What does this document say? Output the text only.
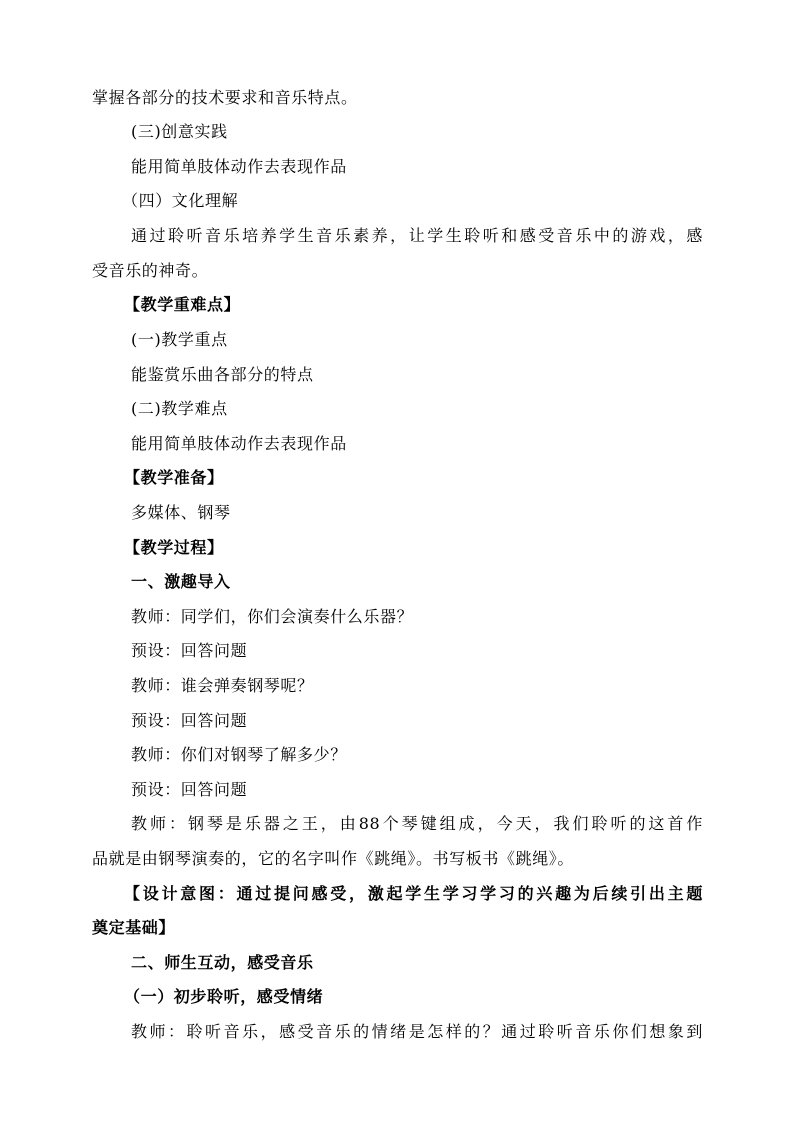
掌握各部分的技术要求和音乐特点。
(三)创意实践
能用简单肢体动作去表现作品
（四）文化理解
通过聆听音乐培养学生音乐素养，让学生聆听和感受音乐中的游戏，感
受音乐的神奇。
【教学重难点】
(一)教学重点
能鉴赏乐曲各部分的特点
(二)教学难点
能用简单肢体动作去表现作品
【教学准备】
多媒体、钢琴
【教学过程】
一、激趣导入
教师：同学们，你们会演奏什么乐器？
预设：回答问题
教师：谁会弹奏钢琴呢？
预设：回答问题
教师：你们对钢琴了解多少？
预设：回答问题
教师：钢琴是乐器之王，由88个琴键组成，今天，我们聆听的这首作
品就是由钢琴演奏的，它的名字叫作《跳绳》。书写板书《跳绳》。
【设计意图：通过提问感受，激起学生学习学习的兴趣为后续引出主题
奠定基础】
二、师生互动，感受音乐
（一）初步聆听，感受情绪
教师：聆听音乐，感受音乐的情绪是怎样的？通过聆听音乐你们想象到
